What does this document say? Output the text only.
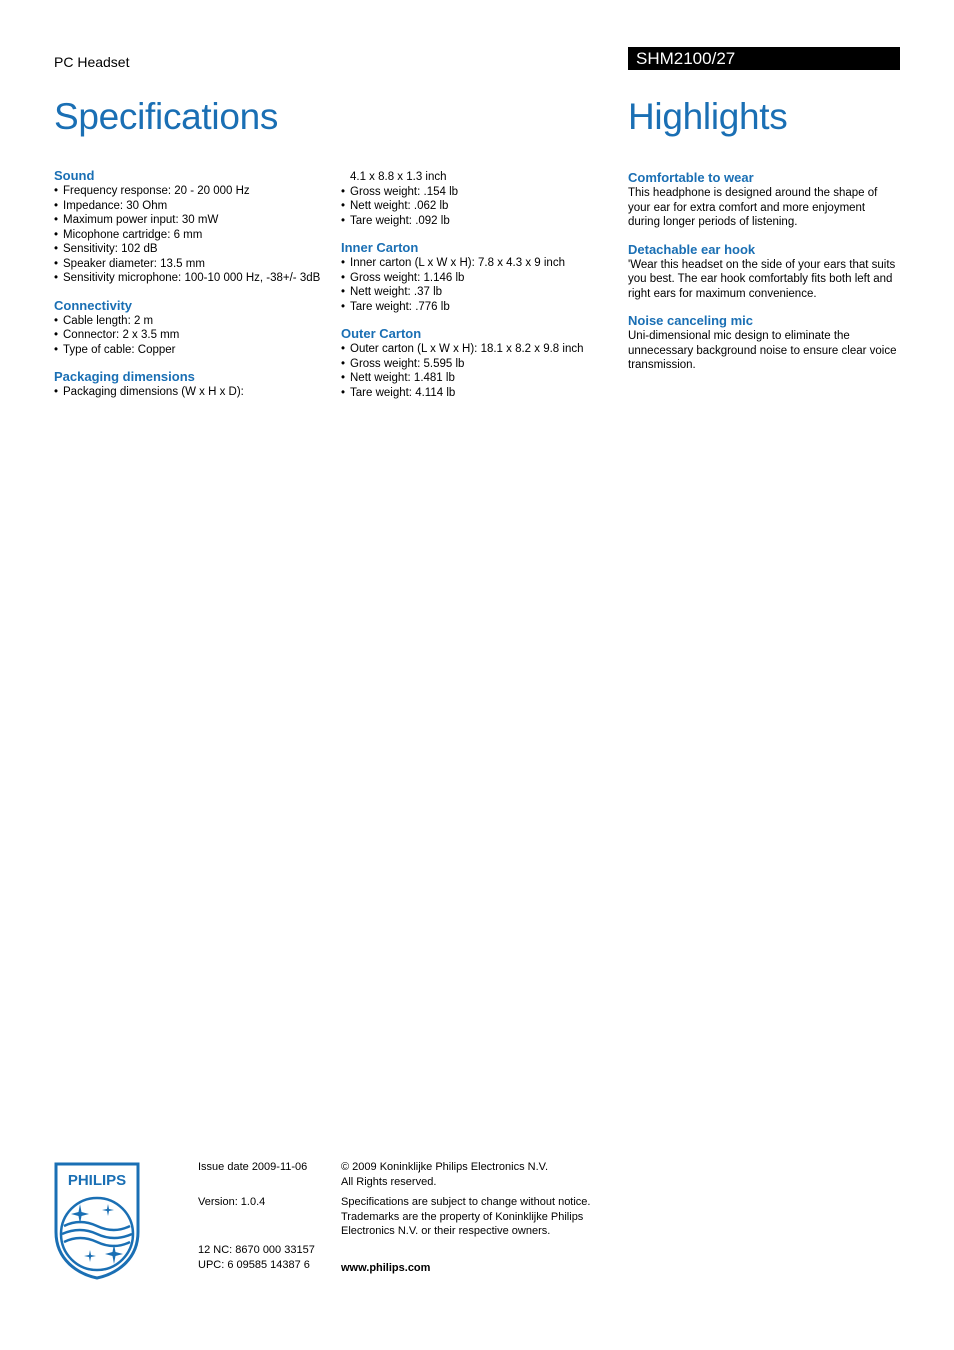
PC Headset	SHM2100/27
Specifications	Highlights
Sound
• Frequency response: 20 - 20 000 Hz
• Impedance: 30 Ohm
• Maximum power input: 30 mW
• Micophone cartridge: 6 mm
• Sensitivity: 102 dB
• Speaker diameter: 13.5 mm
• Sensitivity microphone: 100-10 000 Hz, -38+/- 3dB
Connectivity
• Cable length: 2 m
• Connector: 2 x 3.5 mm
• Type of cable: Copper
Packaging dimensions
• Packaging dimensions (W x H x D):
4.1 x 8.8 x 1.3 inch
• Gross weight: .154 lb
• Nett weight: .062 lb
• Tare weight: .092 lb
Inner Carton
• Inner carton (L x W x H): 7.8 x 4.3 x 9 inch
• Gross weight: 1.146 lb
• Nett weight: .37 lb
• Tare weight: .776 lb
Outer Carton
• Outer carton (L x W x H): 18.1 x 8.2 x 9.8 inch
• Gross weight: 5.595 lb
• Nett weight: 1.481 lb
• Tare weight: 4.114 lb
Comfortable to wear
This headphone is designed around the shape of your ear for extra comfort and more enjoyment during longer periods of listening.
Detachable ear hook
'Wear this headset on the side of your ears that suits you best. The ear hook comfortably fits both left and right ears for maximum convenience.
Noise canceling mic
Uni-dimensional mic design to eliminate the unnecessary background noise to ensure clear voice transmission.
PHILIPS
Issue date 2009-11-06
Version: 1.0.4
12 NC: 8670 000 33157
UPC: 6 09585 14387 6
© 2009 Koninklijke Philips Electronics N.V.
All Rights reserved.
Specifications are subject to change without notice.
Trademarks are the property of Koninklijke Philips
Electronics N.V. or their respective owners.
www.philips.com
